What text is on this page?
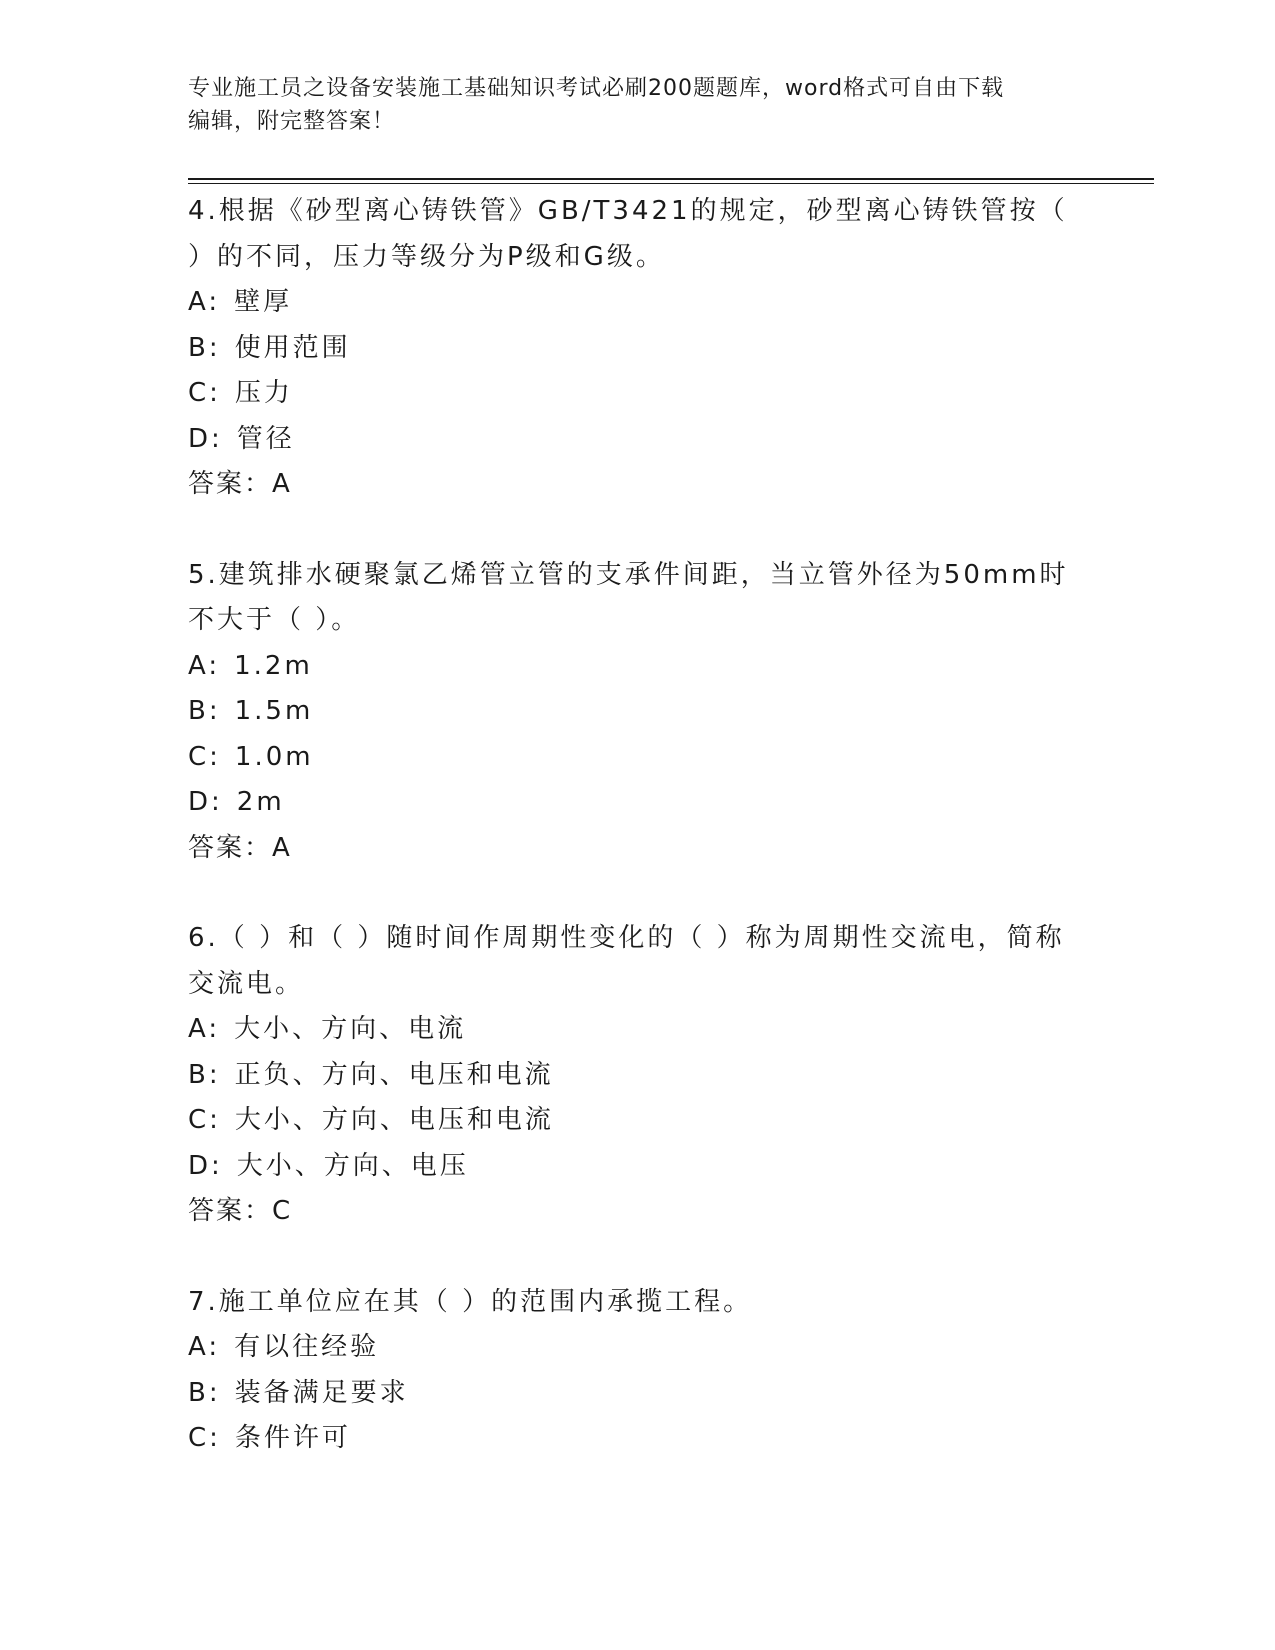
专业施工员之设备安装施工基础知识考试必刷200题题库，word格式可自由下载
编辑，附完整答案！
4.根据《砂型离心铸铁管》GB/T3421的规定，砂型离心铸铁管按（ ）的不同，压力等级分为P级和G级。
A: 壁厚
B: 使用范围
C: 压力
D: 管径
答案：A
5.建筑排水硬聚氯乙烯管立管的支承件间距，当立管外径为50mm时不大于（ ）。
A: 1.2m
B: 1.5m
C: 1.0m
D: 2m
答案：A
6.（ ）和（ ）随时间作周期性变化的（ ）称为周期性交流电，简称交流电。
A: 大小、方向、电流
B: 正负、方向、电压和电流
C: 大小、方向、电压和电流
D: 大小、方向、电压
答案：C
7.施工单位应在其（ ）的范围内承揽工程。
A: 有以往经验
B: 装备满足要求
C: 条件许可
